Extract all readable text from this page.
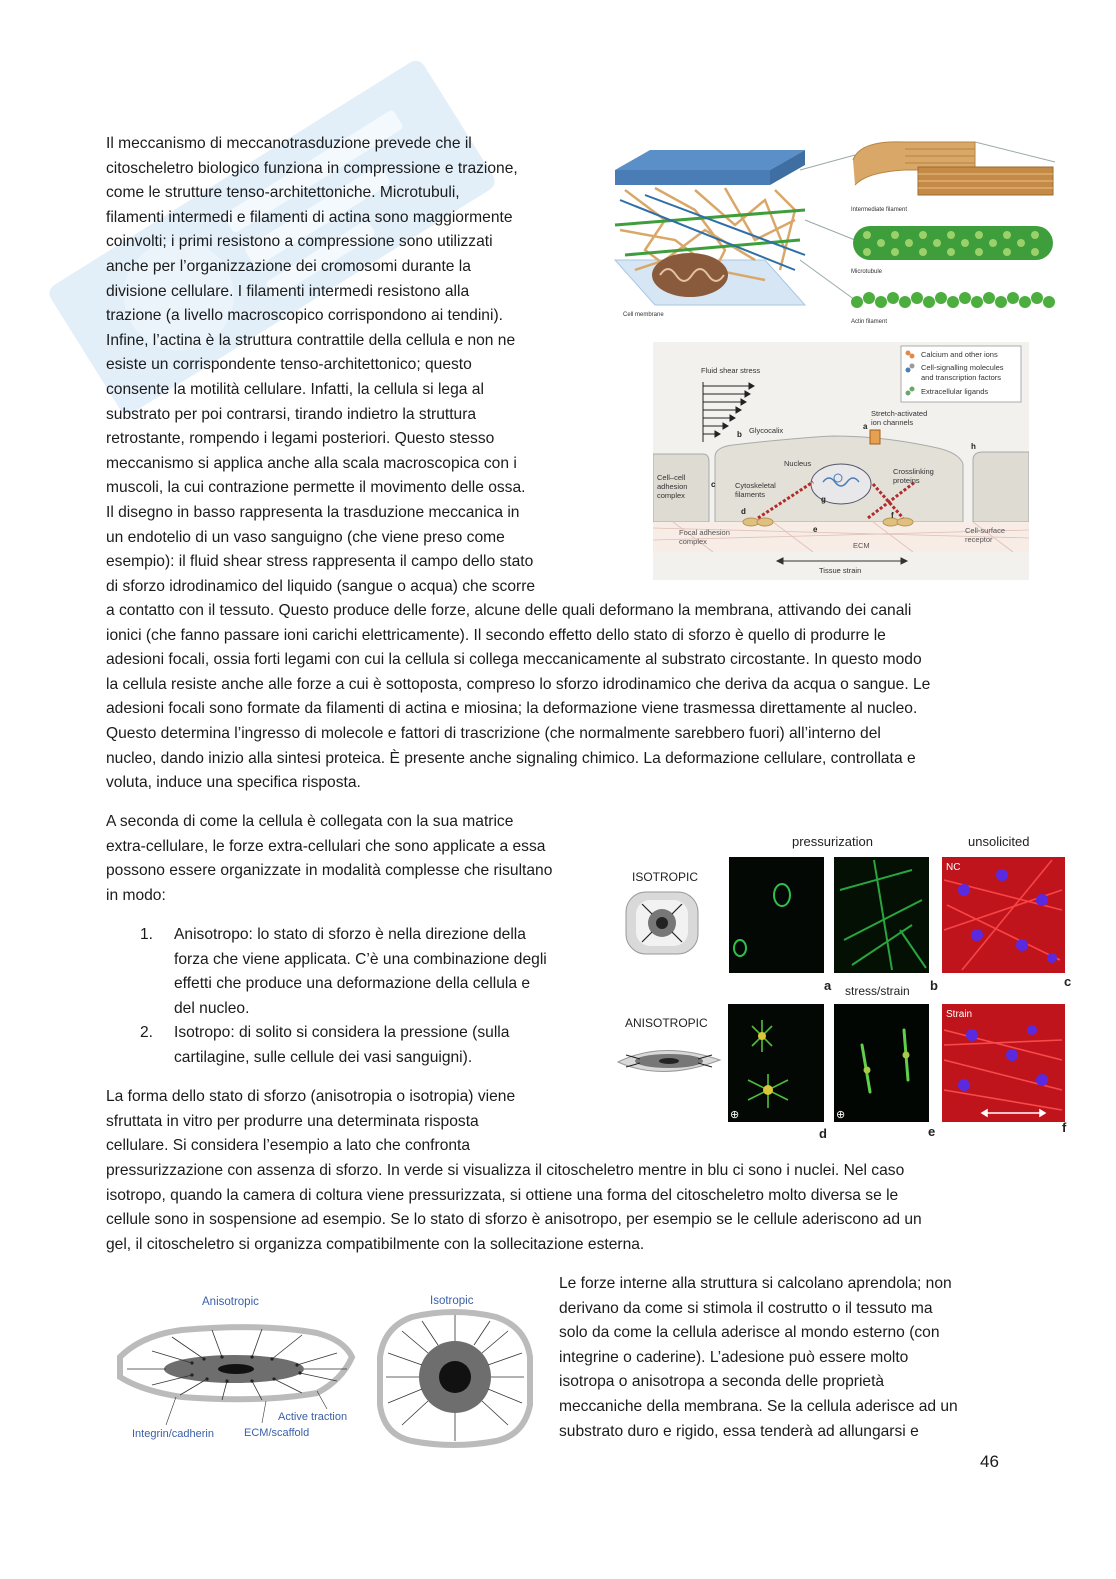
Il meccanismo di meccanotrasduzione prevede che il

citoscheletro biologico funziona in compressione e trazione,

come le strutture tenso-architettoniche. Microtubuli,

filamenti intermedi e filamenti di actina sono maggiormente

coinvolti; i primi resistono a compressione sono utilizzati

anche per l’organizzazione dei cromosomi durante la

divisione cellulare. I filamenti intermedi resistono alla

trazione (a livello macroscopico corrispondono ai tendini).

Infine, l’actina è la struttura contrattile della cellula e non ne

esiste un corrispondente tenso-architettonico; questo

consente la motilità cellulare. Infatti, la cellula si lega al

substrato per poi contrarsi, tirando indietro la struttura

retrostante, rompendo i legami posteriori. Questo stesso

meccanismo si applica anche alla scala macroscopica con i

muscoli, la cui contrazione permette il movimento delle ossa.

Il disegno in basso rappresenta la trasduzione meccanica in

un endotelio di un vaso sanguigno (che viene preso come

esempio): il fluid shear stress rappresenta il campo dello stato

di sforzo idrodinamico del liquido (sangue o acqua) che scorre

a contatto con il tessuto. Questo produce delle forze, alcune delle quali deformano la membrana, attivando dei canali

ionici (che fanno passare ioni carichi elettricamente). Il secondo effetto dello stato di sforzo è quello di produrre le

adesioni focali, ossia forti legami con cui la cellula si collega meccanicamente al substrato circostante. In questo modo

la cellula resiste anche alle forze a cui è sottoposta, compreso lo sforzo idrodinamico che deriva da acqua o sangue. Le

adesioni focali sono formate da filamenti di actina e miosina; la deformazione viene trasmessa direttamente al nucleo.

Questo determina l’ingresso di molecole e fattori di trascrizione (che normalmente sarebbero fuori) all’interno del

nucleo, dando inizio alla sintesi proteica. È presente anche signaling chimico. La deformazione cellulare, controllata e

voluta, induce una specifica risposta.

A seconda di come la cellula è collegata con la sua matrice

extra-cellulare, le forze extra-cellulari che sono applicate a essa

possono essere organizzate in modalità complesse che risultano

in modo:

1. Anisotropo: lo stato di sforzo è nella direzione della

forza che viene applicata. C’è una combinazione degli

effetti che produce una deformazione della cellula e

del nucleo.

2. Isotropo: di solito si considera la pressione (sulla

cartilagine, sulle cellule dei vasi sanguigni).

La forma dello stato di sforzo (anisotropia o isotropia) viene

sfruttata in vitro per produrre una determinata risposta

cellulare. Si considera l’esempio a lato che confronta

pressurizzazione con assenza di sforzo. In verde si visualizza il citoscheletro mentre in blu ci sono i nuclei. Nel caso

isotropo, quando la camera di coltura viene pressurizzata, si ottiene una forma del citoscheletro molto diversa se le

cellule sono in sospensione ad esempio. Se lo stato di sforzo è anisotropo, per esempio se le cellule aderiscono ad un

gel, il citoscheletro si organizza compatibilmente con la sollecitazione esterna.

Le forze interne alla struttura si calcolano aprendola; non

derivano da come si stimola il costrutto o il tessuto ma

solo da come la cellula aderisce al mondo esterno (con

integrine o caderine). L’adesione può essere molto

isotropa o anisotropa a seconda delle proprietà

meccaniche della membrana. Se la cellula aderisce ad un

substrato duro e rigido, essa tenderà ad allungarsi e

Intermediate filament
Microtubule
Actin filament
Cell membrane
Calcium and other ions
Cell-signalling molecules
and transcription factors
Extracellular ligands
Fluid shear stress
Glycocalix
b
Stretch-activated
ion channels
a
Nucleus
Crosslinking
proteins
h
Cell–cell
adhesion
complex
c	Cytoskeletal
filaments
g
f
d
e
Focal adhesion
complex	ECM
Cell-surface
receptor
Tissue strain
pressurization	unsolicited
ISOTROPIC
ANISOTROPIC
NC
a	b	c
stress/strain
⊕	⊕
Strain
d	e	f
Anisotropic	Isotropic
Active traction
Integrin/cadherin	ECM/scaffold
46
